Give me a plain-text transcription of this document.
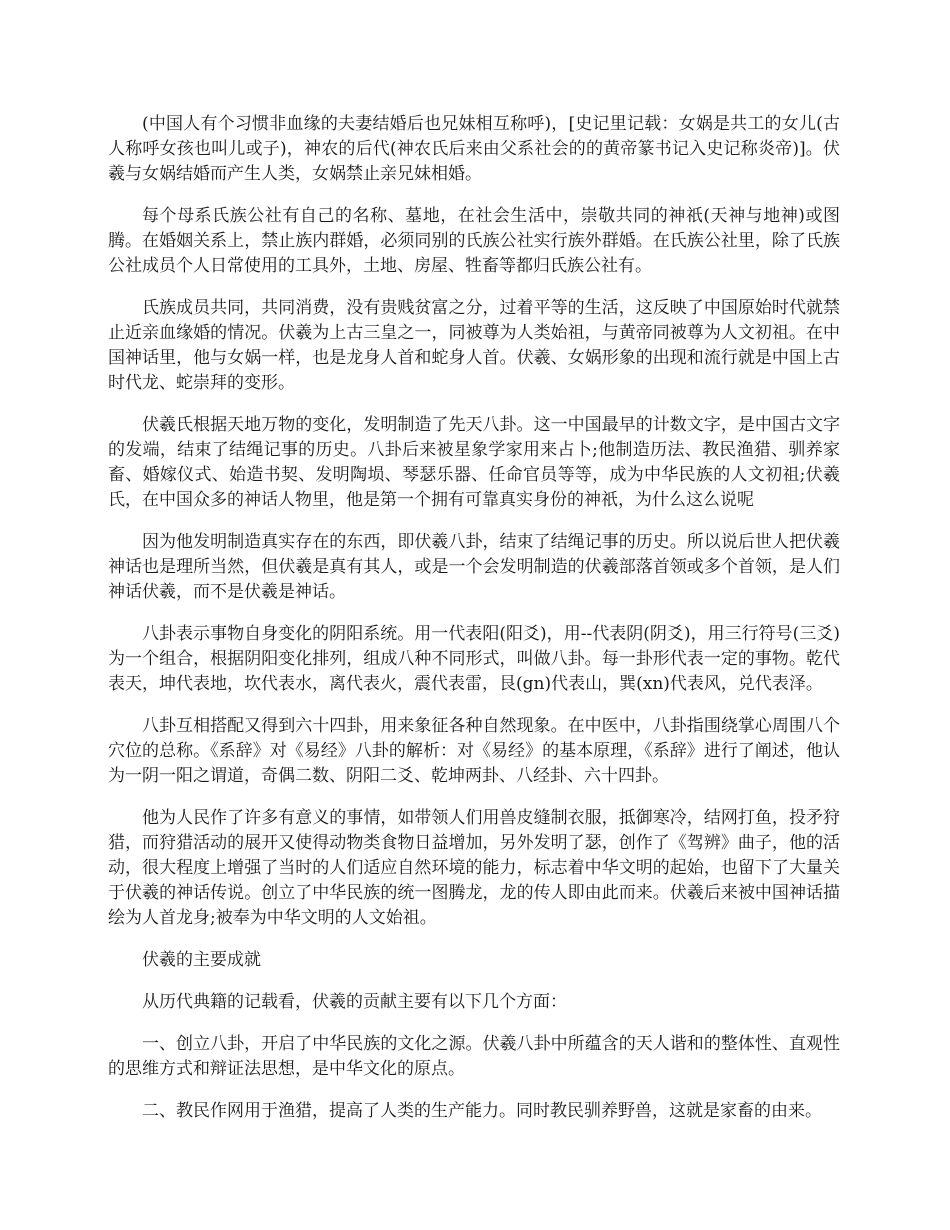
(中国人有个习惯非血缘的夫妻结婚后也兄妹相互称呼)，[史记里记载：女娲是共工的女儿(古人称呼女孩也叫儿或子)，神农的后代(神农氏后来由父系社会的的黄帝篆书记入史记称炎帝)]。伏羲与女娲结婚而产生人类，女娲禁止亲兄妹相婚。

每个母系氏族公社有自己的名称、墓地，在社会生活中，崇敬共同的神祇(天神与地神)或图腾。在婚姻关系上，禁止族内群婚，必须同别的氏族公社实行族外群婚。在氏族公社里，除了氏族公社成员个人日常使用的工具外，土地、房屋、牲畜等都归氏族公社有。

氏族成员共同，共同消费，没有贵贱贫富之分，过着平等的生活，这反映了中国原始时代就禁止近亲血缘婚的情况。伏羲为上古三皇之一，同被尊为人类始祖，与黄帝同被尊为人文初祖。在中国神话里，他与女娲一样，也是龙身人首和蛇身人首。伏羲、女娲形象的出现和流行就是中国上古时代龙、蛇崇拜的变形。

伏羲氏根据天地万物的变化，发明制造了先天八卦。这一中国最早的计数文字，是中国古文字的发端，结束了结绳记事的历史。八卦后来被星象学家用来占卜;他制造历法、教民渔猎、驯养家畜、婚嫁仪式、始造书契、发明陶埙、琴瑟乐器、任命官员等等，成为中华民族的人文初祖;伏羲氏，在中国众多的神话人物里，他是第一个拥有可靠真实身份的神祇，为什么这么说呢

因为他发明制造真实存在的东西，即伏羲八卦，结束了结绳记事的历史。所以说后世人把伏羲神话也是理所当然，但伏羲是真有其人，或是一个会发明制造的伏羲部落首领或多个首领，是人们神话伏羲，而不是伏羲是神话。

八卦表示事物自身变化的阴阳系统。用一代表阳(阳爻)，用--代表阴(阴爻)，用三行符号(三爻)为一个组合，根据阴阳变化排列，组成八种不同形式，叫做八卦。每一卦形代表一定的事物。乾代表天，坤代表地，坎代表水，离代表火，震代表雷，艮(gn)代表山，巽(xn)代表风，兑代表泽。

八卦互相搭配又得到六十四卦，用来象征各种自然现象。在中医中，八卦指围绕掌心周围八个穴位的总称。《系辞》对《易经》八卦的解析：对《易经》的基本原理，《系辞》进行了阐述，他认为一阴一阳之谓道，奇偶二数、阴阳二爻、乾坤两卦、八经卦、六十四卦。

他为人民作了许多有意义的事情，如带领人们用兽皮缝制衣服，抵御寒冷，结网打鱼，投矛狩猎，而狩猎活动的展开又使得动物类食物日益增加，另外发明了瑟，创作了《驾辨》曲子，他的活动，很大程度上增强了当时的人们适应自然环境的能力，标志着中华文明的起始，也留下了大量关于伏羲的神话传说。创立了中华民族的统一图腾龙，龙的传人即由此而来。伏羲后来被中国神话描绘为人首龙身;被奉为中华文明的人文始祖。

伏羲的主要成就

从历代典籍的记载看，伏羲的贡献主要有以下几个方面：

一、创立八卦，开启了中华民族的文化之源。伏羲八卦中所蕴含的天人谐和的整体性、直观性的思维方式和辩证法思想，是中华文化的原点。

二、教民作网用于渔猎，提高了人类的生产能力。同时教民驯养野兽，这就是家畜的由来。
